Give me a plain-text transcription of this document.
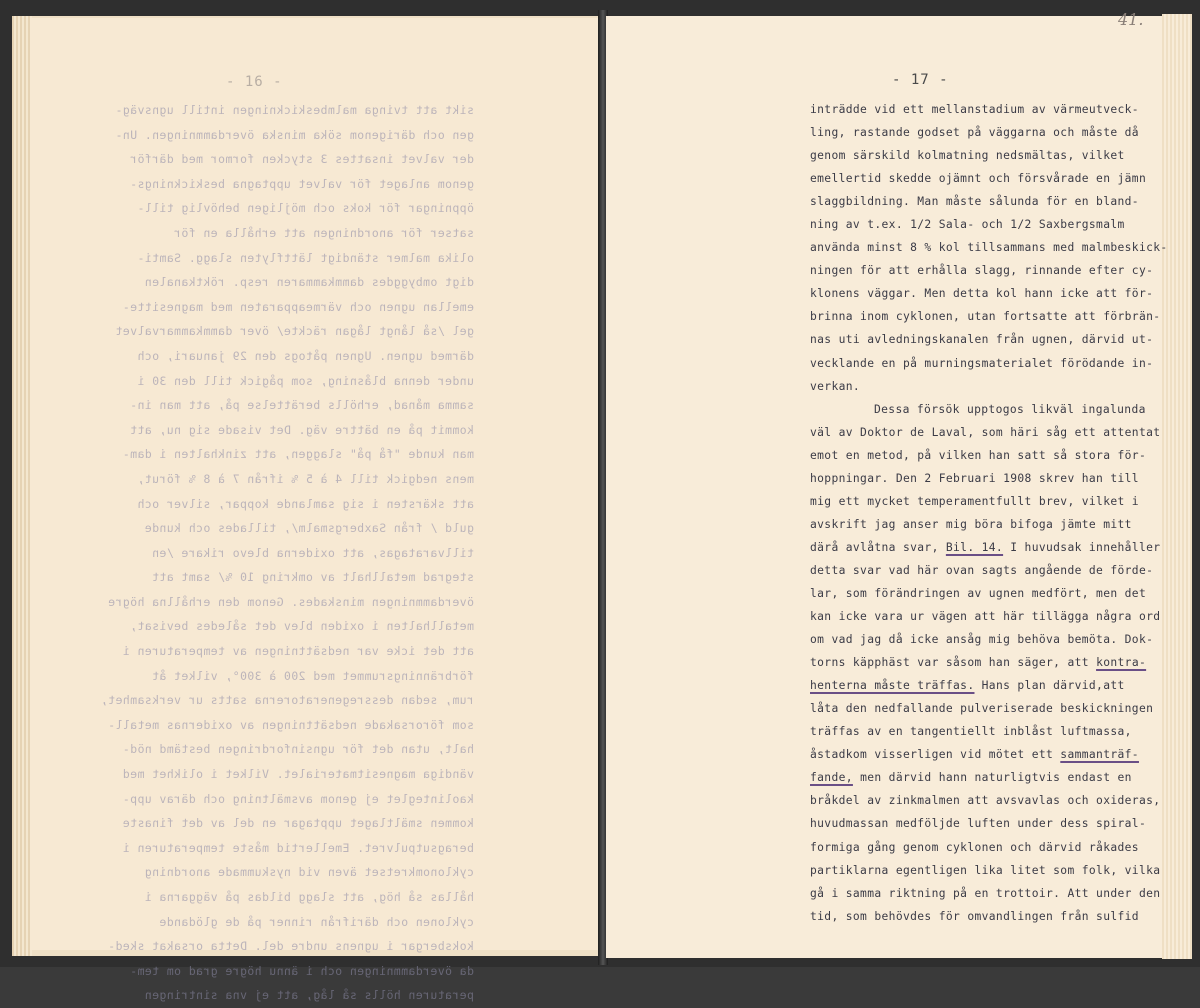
- 16 -	- 17 -
41.
sikt att tvinga malmbeskickningen intill ugnsväg-
gen och därigenom söka minska överdammningen. Un-
der valvet insattes 3 stycken formor med därför
genom anlaget för valvet upptagna beskicknings-
öppningar för koks och möjligen behövlig till-
satser för anordningen att erhålla en för
olika malmer ständigt lättflyten slagg. Samti-
digt ombyggdes dammkammaren resp. röktkanalen
emellan ugnen och värmeapparaten med magnesitte-
gel /så långt lågan räckte/ över dammkammarvalvet
därmed ugnen. Ugnen påtogs den 29 januari, och
under denna blåsning, som pågick till den 30 i
samma månad, erhölls berättelse på, att man in-
kommit på en bättre väg. Det visade sig nu, att
man kunde "få på" slaggen, att zinkhalten i dam-
mens nedgick till 4 à 5 % ifrån 7 à 8 % förut,
att skärsten i sig samlande koppar, silver och
guld / från Saxbergsmalm/, tillades och kunde
tillvaratagas, att oxiderna blevo rikare /en
stegrad metallhalt av omkring 10 %/ samt att
överdammningen minskades. Genom den erhållna högre
metallhalten i oxiden blev det således bevisat,
att det icke var nedsättningen av temperaturen i
förbränningsrummet med 200 à 300°, vilket åt
rum, sedan dessregeneratorerna satts ur verksamhet,
som förorsakade nedsättningen av oxidernas metall-
halt, utan det för ugnsinfordringen bestämd nöd-
vändiga magnesitmaterialet. Vilket i olikhet med
kaolinteglet ej genom avsmältning och därav upp-
kommen smältlaget upptagar en del av det finaste
beragsutpulvret. Emellertid måste temperaturen i
cyklonomkretset även vid nyskummade anordning
hållas så hög, att slagg bildas på väggarna i
cyklonen och därifrån rinner på de glödande
koksbergar i ugnens undre del. Detta orsakat sked-
da överdammningen och i ännu högre grad om tem-
peraturen hölls så låg, att ej vna sintringen
inträdde vid ett mellanstadium av värmeutveck-
ling, rastande godset på väggarna och måste då
genom särskild kolmatning nedsmältas, vilket
emellertid skedde ojämnt och försvårade en jämn
slaggbildning. Man måste sålunda för en bland-
ning av t.ex. 1/2 Sala- och 1/2 Saxbergsmalm
använda minst 8 % kol tillsammans med malmbeskick-
ningen för att erhålla slagg, rinnande efter cy-
klonens väggar. Men detta kol hann icke att för-
brinna inom cyklonen, utan fortsatte att förbrän-
nas uti avledningskanalen från ugnen, därvid ut-
vecklande en på murningsmaterialet förödande in-
verkan.
Dessa försök upptogos likväl ingalunda
väl av Doktor de Laval, som häri såg ett attentat
emot en metod, på vilken han satt så stora för-
hoppningar. Den 2 Februari 1908 skrev han till
mig ett mycket temperamentfullt brev, vilket i
avskrift jag anser mig böra bifoga jämte mitt
därå avlåtna svar, Bil. 14. I huvudsak innehåller
detta svar vad här ovan sagts angående de förde-
lar, som förändringen av ugnen medfört, men det
kan icke vara ur vägen att här tillägga några ord
om vad jag då icke ansåg mig behöva bemöta. Dok-
torns käpphäst var såsom han säger, att kontra-
henterna måste träffas. Hans plan därvid,att
låta den nedfallande pulveriserade beskickningen
träffas av en tangentiellt inblåst luftmassa,
åstadkom visserligen vid mötet ett sammanträf-
fande, men därvid hann naturligtvis endast en
bråkdel av zinkmalmen att avsvavlas och oxideras,
huvudmassan medföljde luften under dess spiral-
formiga gång genom cyklonen och därvid råkades
partiklarna egentligen lika litet som folk, vilka
gå i samma riktning på en trottoir. Att under den
tid, som behövdes för omvandlingen från sulfid
